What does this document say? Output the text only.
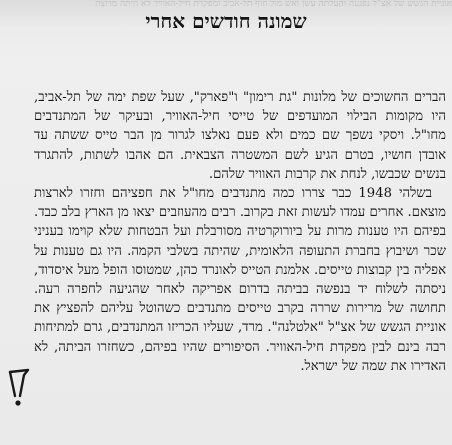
אוניית הגשש של אצ"ל נפגעה והעלתה עשן ואש מול חוף תל-אביב ומפקדת חיל-האוויר לא היתה מרוצה
שמונה חודשים אחרי

הברים החשוכים של מלונות "גת רימון" ו"פארק", שעל שפת ימה של תל-אביב, היו מקומות הבילוי המועדפים של טייסי חיל-האוויר, ובעיקר של המתנדבים מחו"ל. ויסקי נשפך שם כמים ולא פעם נאלצו לגרור מן הבר טייס ששתה עד אובדן חושיו, בטרם הגיע לשם המשטרה הצבאית. הם אהבו לשתות, להתגרד בנשים שכבשו, לנחת את קרבות האוויר שלהם.

בשלהי 1948 כבר צררו כמה מתנדבים מחו"ל את חפציהם וחזרו לארצות מוצאם. אחרים עמדו לעשות זאת בקרוב. רבים מהעוזבים יצאו מן הארץ בלב כבד. בפיהם היו טענות מרות על ביורוקרטיה מסורבלת ועל הבטחות שלא קוימו בעניני שכר ושיבוץ בחברת התעופה הלאומית, שהיתה בשלבי הקמה. היו גם טענות על אפליה בין קבוצות טייסים. אלמנת הטייס לאונרד כהן, שמטוסו הופל מעל איסדוד, ניסתה לשלוח יד בנפשה בביתה בדרום אפריקה לאחר שהגיעה לחפרה רעה. תחושה של מרירות שררה בקרב טייסים מתנדבים כשהוטל עליהם להפציץ את אוניית הגשש של אצ"ל "אלטלנה". מרד, שעליו הכריזו המתנדבים, גרם למתיחות רבה בינם לבין מפקדת חיל-האוויר. הסיפורים שהיו בפיהם, כשחזרו הביתה, לא האדירו את שמה של ישראל.
